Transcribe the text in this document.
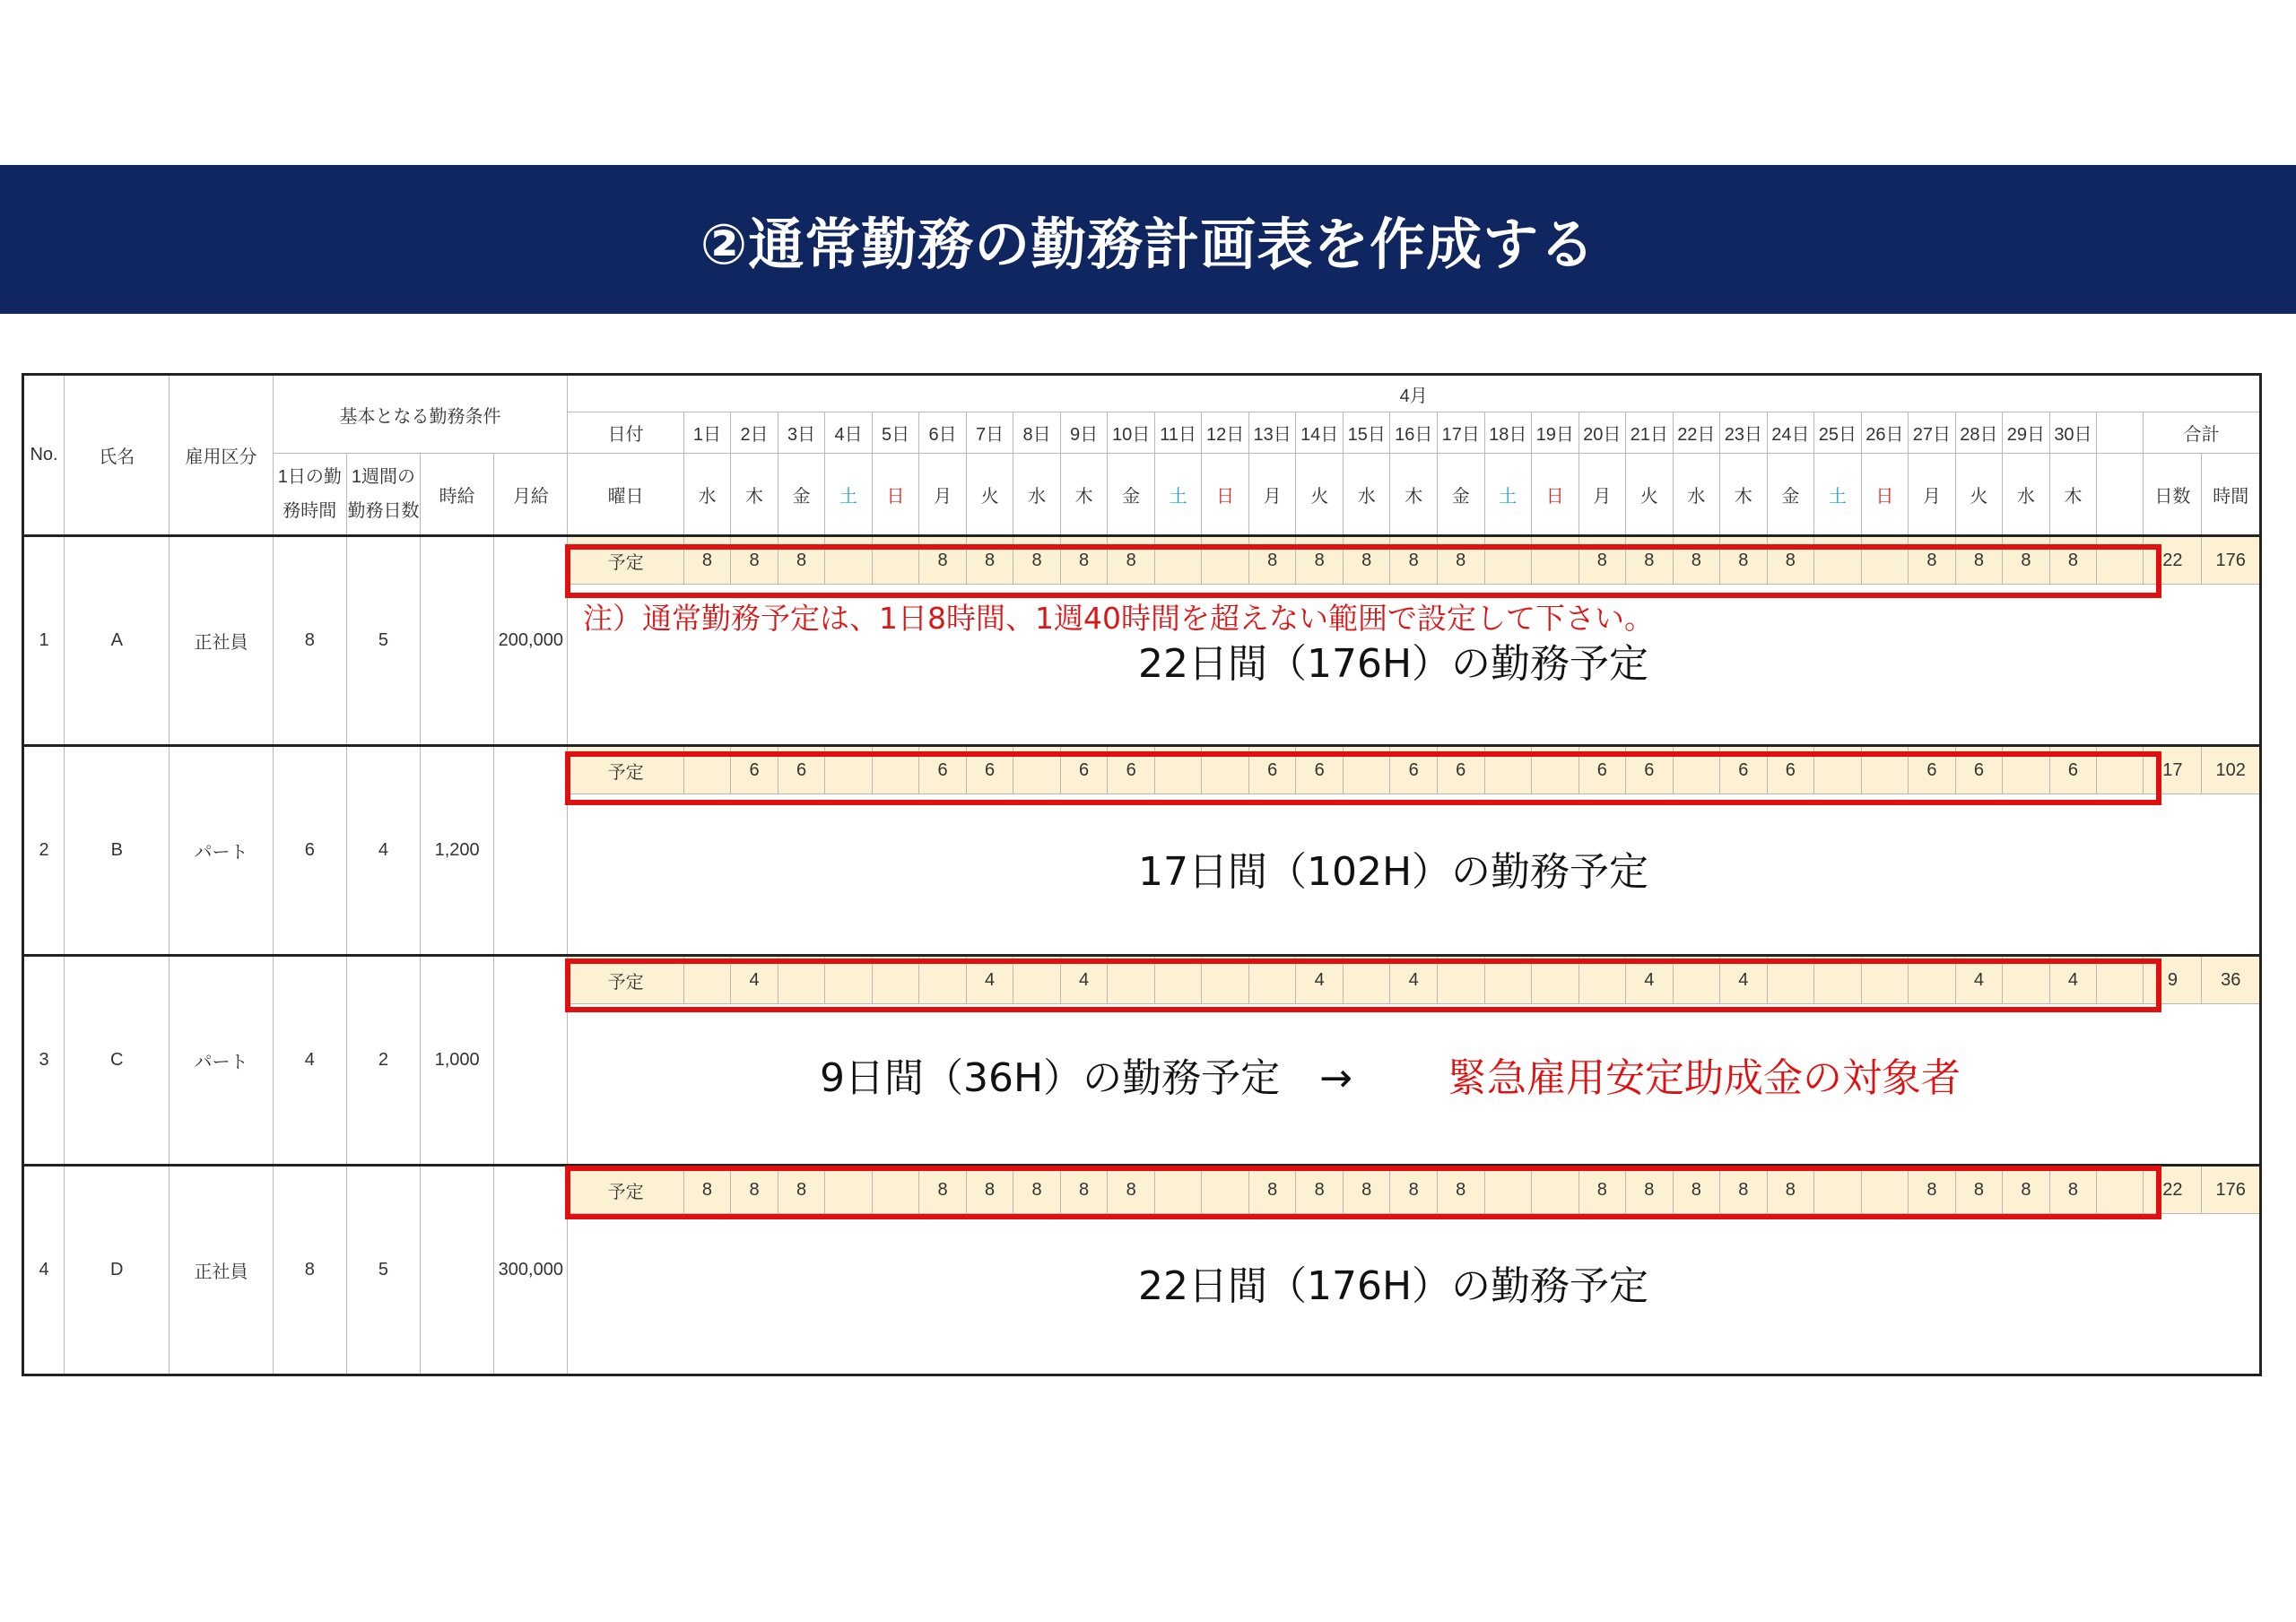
②通常勤務の勤務計画表を作成する
No.	氏名	雇用区分	基本となる勤務条件				4月																																	
							日付	1日	2日	3日	4日	5日	6日	7日	8日	9日	10日	11日	12日	13日	14日	15日	16日	17日	18日	19日	20日	21日	22日	23日	24日	25日	26日	27日	28日	29日	30日		合計	
			1日の勤務時間	1週間の勤務日数	時給	月給	曜日	水	木	金	土	日	月	火	水	木	金	土	日	月	火	水	木	金	土	日	月	火	水	木	金	土	日	月	火	水	木		日数	時間
1	A	正社員	8	5		200,000	予定	8	8	8			8	8	8	8	8			8	8	8	8	8			8	8	8	8	8			8	8	8	8		22	176

2	B	パート	6	4	1,200		予定		6	6			6	6		6	6			6	6		6	6			6	6		6	6			6	6		6		17	102

3	C	パート	4	2	1,000		予定		4					4		4					4		4					4		4					4		4		9	36

4	D	正社員	8	5		300,000	予定	8	8	8			8	8	8	8	8			8	8	8	8	8			8	8	8	8	8			8	8	8	8		22	176

注）通常勤務予定は、1日8時間、1週40時間を超えない範囲で設定して下さい。
22日間（176H）の勤務予定
17日間（102H）の勤務予定
9日間（36H）の勤務予定　→ 緊急雇用安定助成金の対象者
22日間（176H）の勤務予定
